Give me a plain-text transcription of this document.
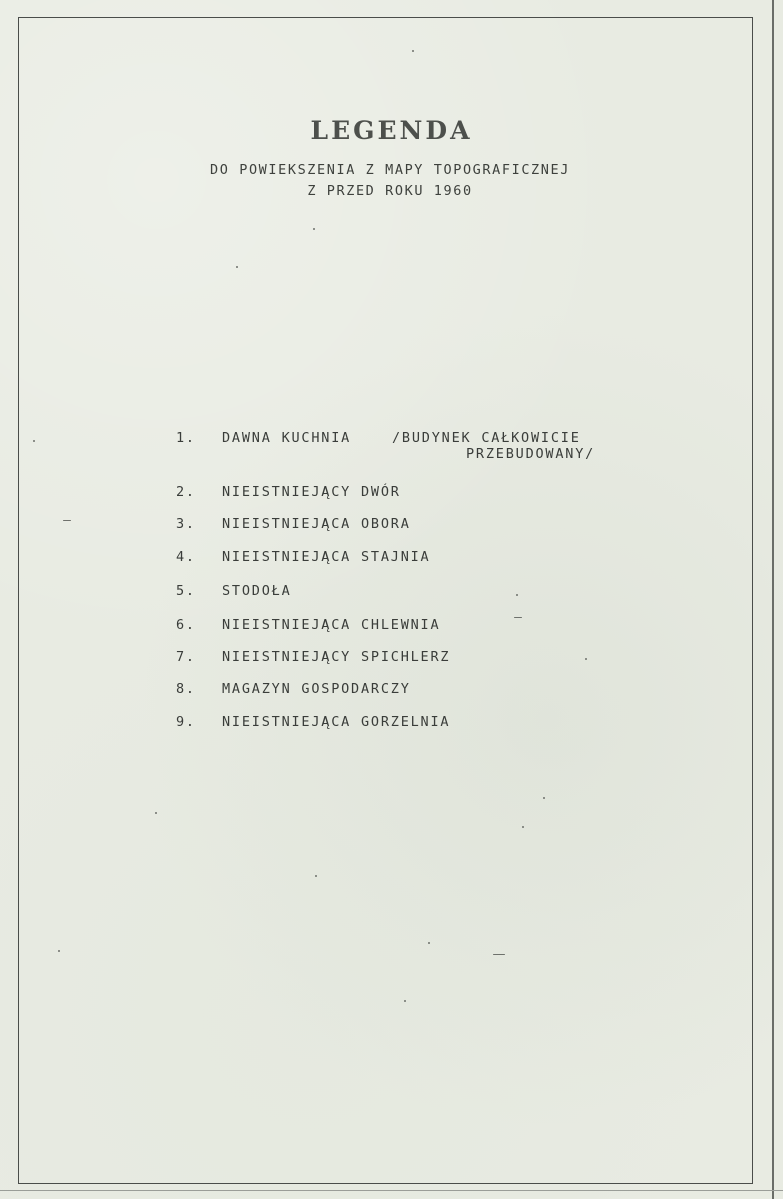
LEGENDA
DO POWIEKSZENIA Z MAPY TOPOGRAFICZNEJ
Z PRZED ROKU 1960
1.	DAWNA KUCHNIA	/BUDYNEK CAŁKOWICIE
PRZEBUDOWANY/
2.	NIEISTNIEJĄCY DWÓR
3.	NIEISTNIEJĄCA OBORA
4.	NIEISTNIEJĄCA STAJNIA
5.	STODOŁA
6.	NIEISTNIEJĄCA CHLEWNIA
7.	NIEISTNIEJĄCY SPICHLERZ
8.	MAGAZYN GOSPODARCZY
9.	NIEISTNIEJĄCA GORZELNIA
